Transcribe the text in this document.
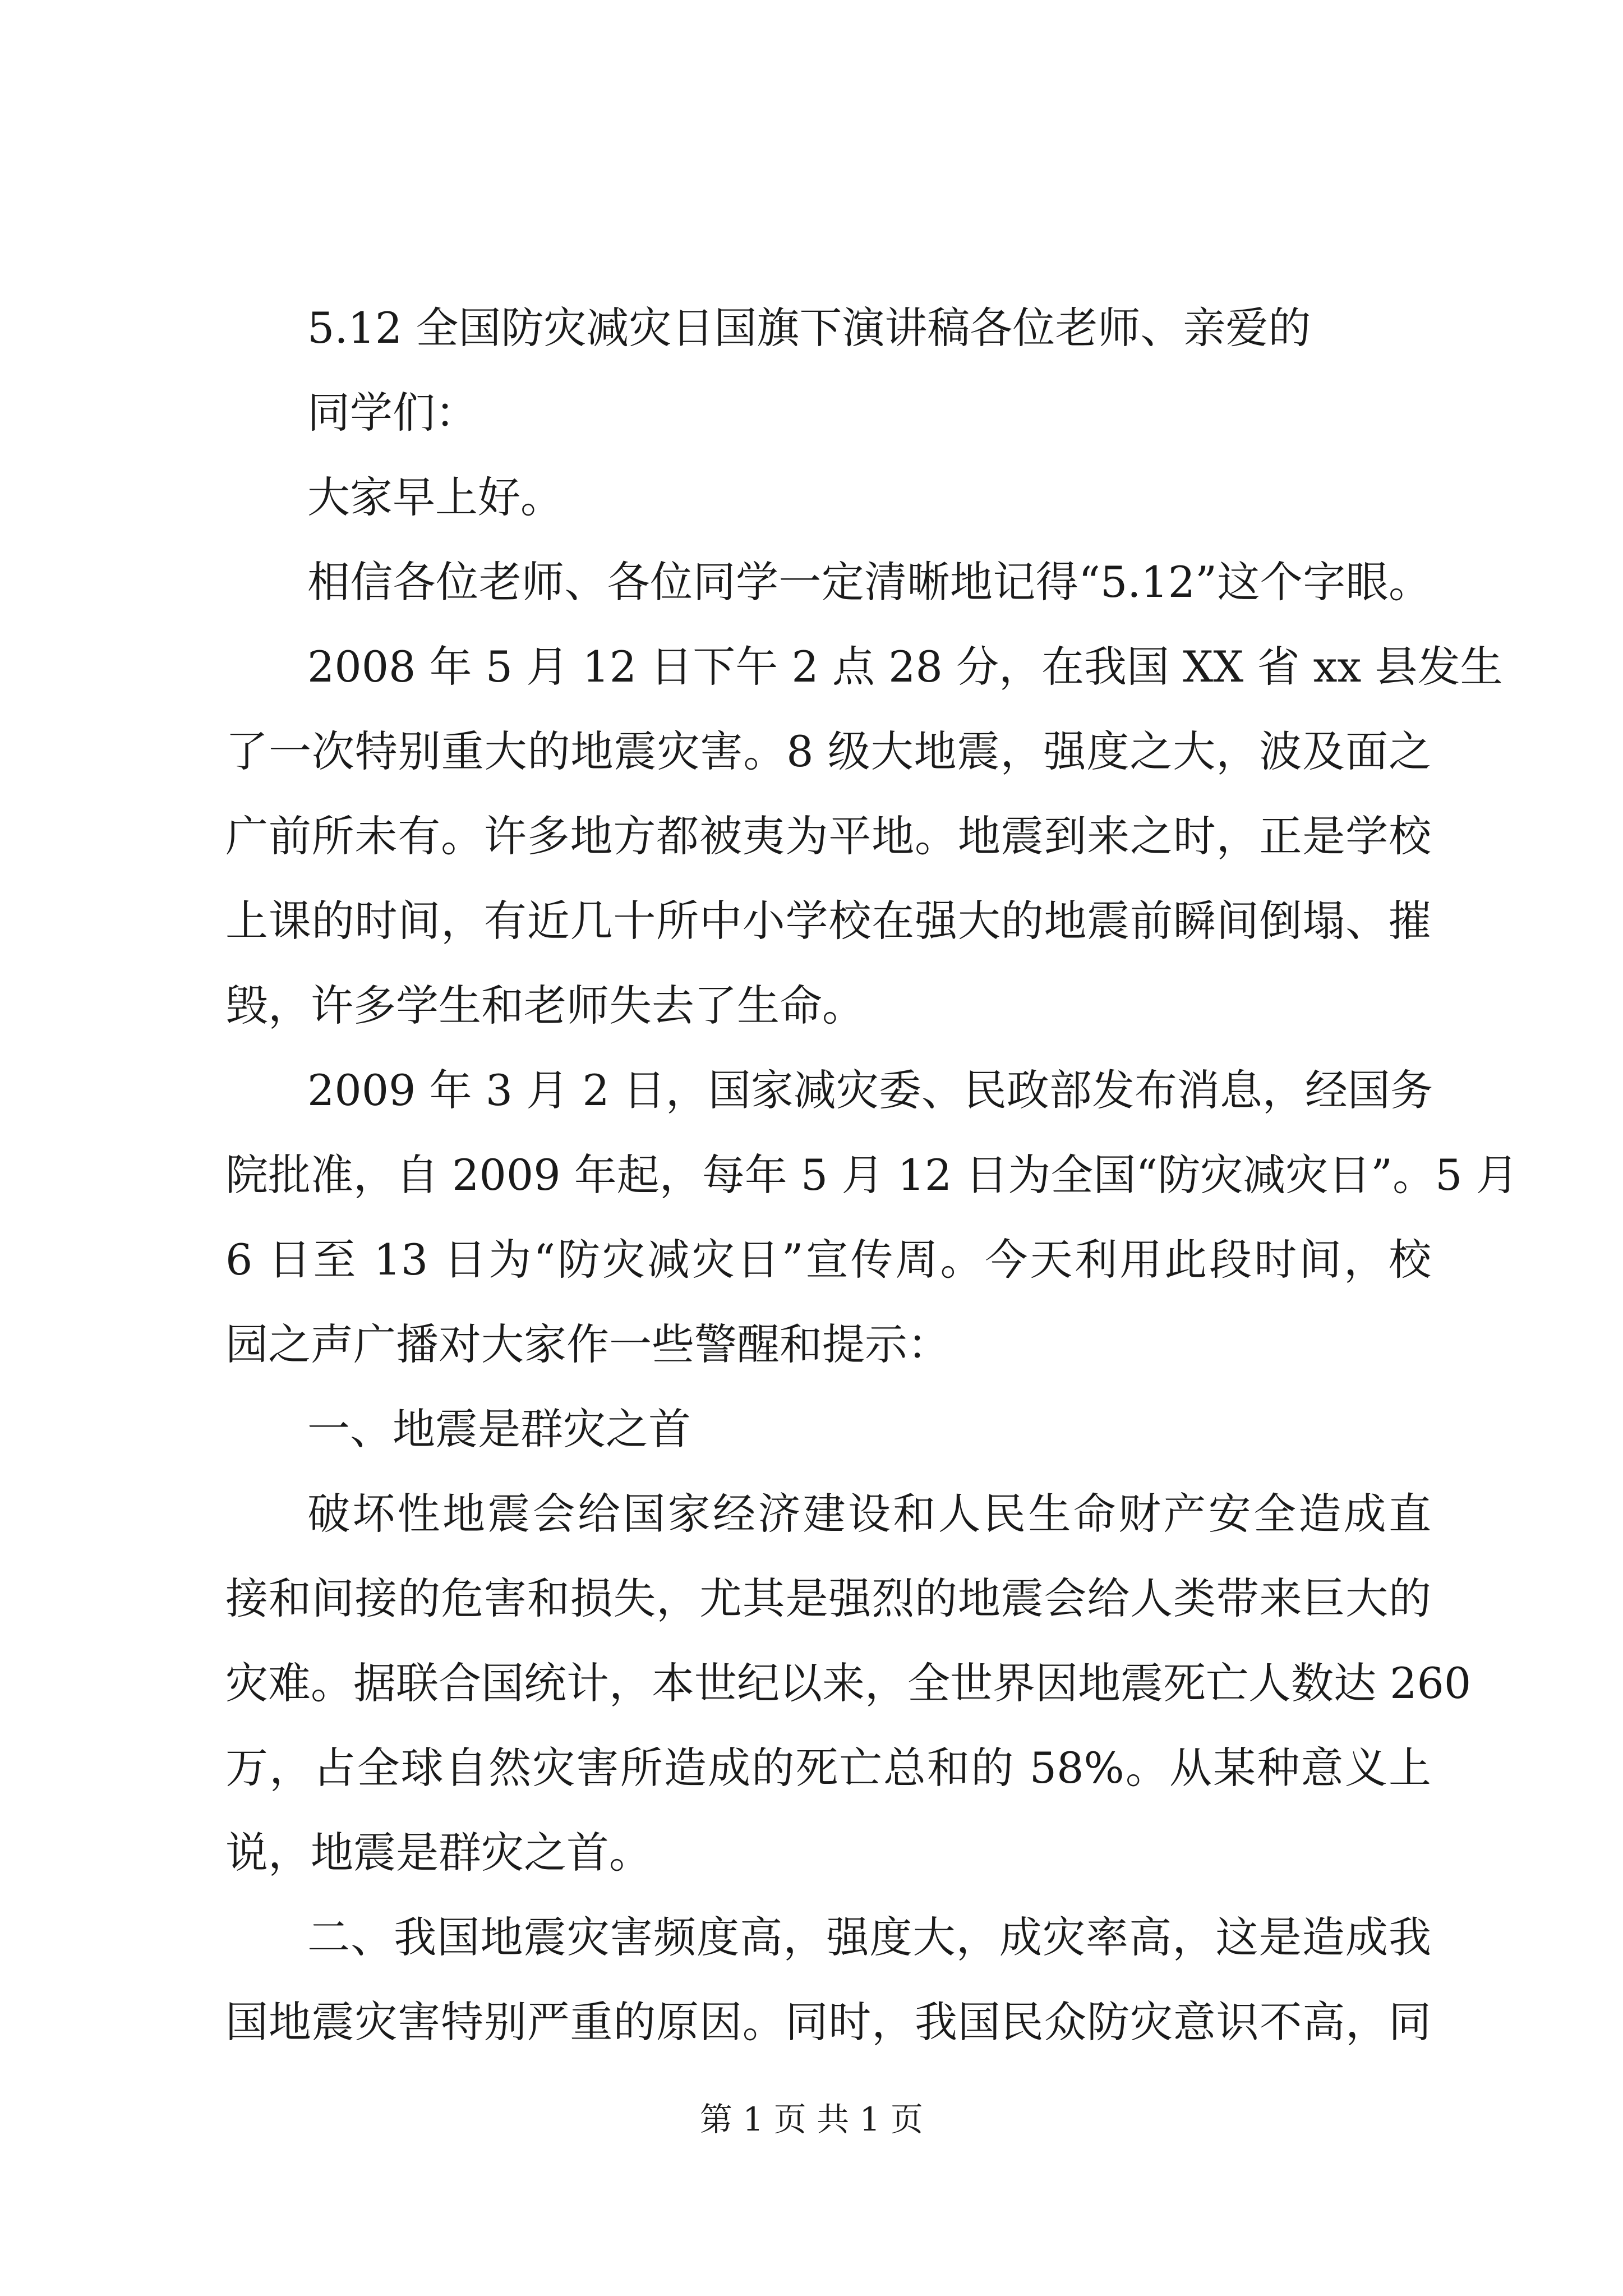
5.12 全国防灾减灾日国旗下演讲稿各位老师、亲爱的
同学们：
大家早上好。
相信各位老师、各位同学一定清晰地记得“5.12”这个字眼。
2008 年 5 月 12 日下午 2 点 28 分，在我国 XX 省 xx 县发生
了一次特别重大的地震灾害。8 级大地震，强度之大，波及面之
广前所未有。许多地方都被夷为平地。地震到来之时，正是学校
上课的时间，有近几十所中小学校在强大的地震前瞬间倒塌、摧
毁，许多学生和老师失去了生命。
2009 年 3 月 2 日，国家减灾委、民政部发布消息，经国务
院批准，自 2009 年起，每年 5 月 12 日为全国“防灾减灾日”。5 月
6 日至 13 日为“防灾减灾日”宣传周。今天利用此段时间，校
园之声广播对大家作一些警醒和提示：
一、地震是群灾之首
破坏性地震会给国家经济建设和人民生命财产安全造成直
接和间接的危害和损失，尤其是强烈的地震会给人类带来巨大的
灾难。据联合国统计，本世纪以来，全世界因地震死亡人数达 260
万，占全球自然灾害所造成的死亡总和的 58%。从某种意义上
说，地震是群灾之首。
二、我国地震灾害频度高，强度大，成灾率高，这是造成我
国地震灾害特别严重的原因。同时，我国民众防灾意识不高，同
第 1 页 共 1 页
